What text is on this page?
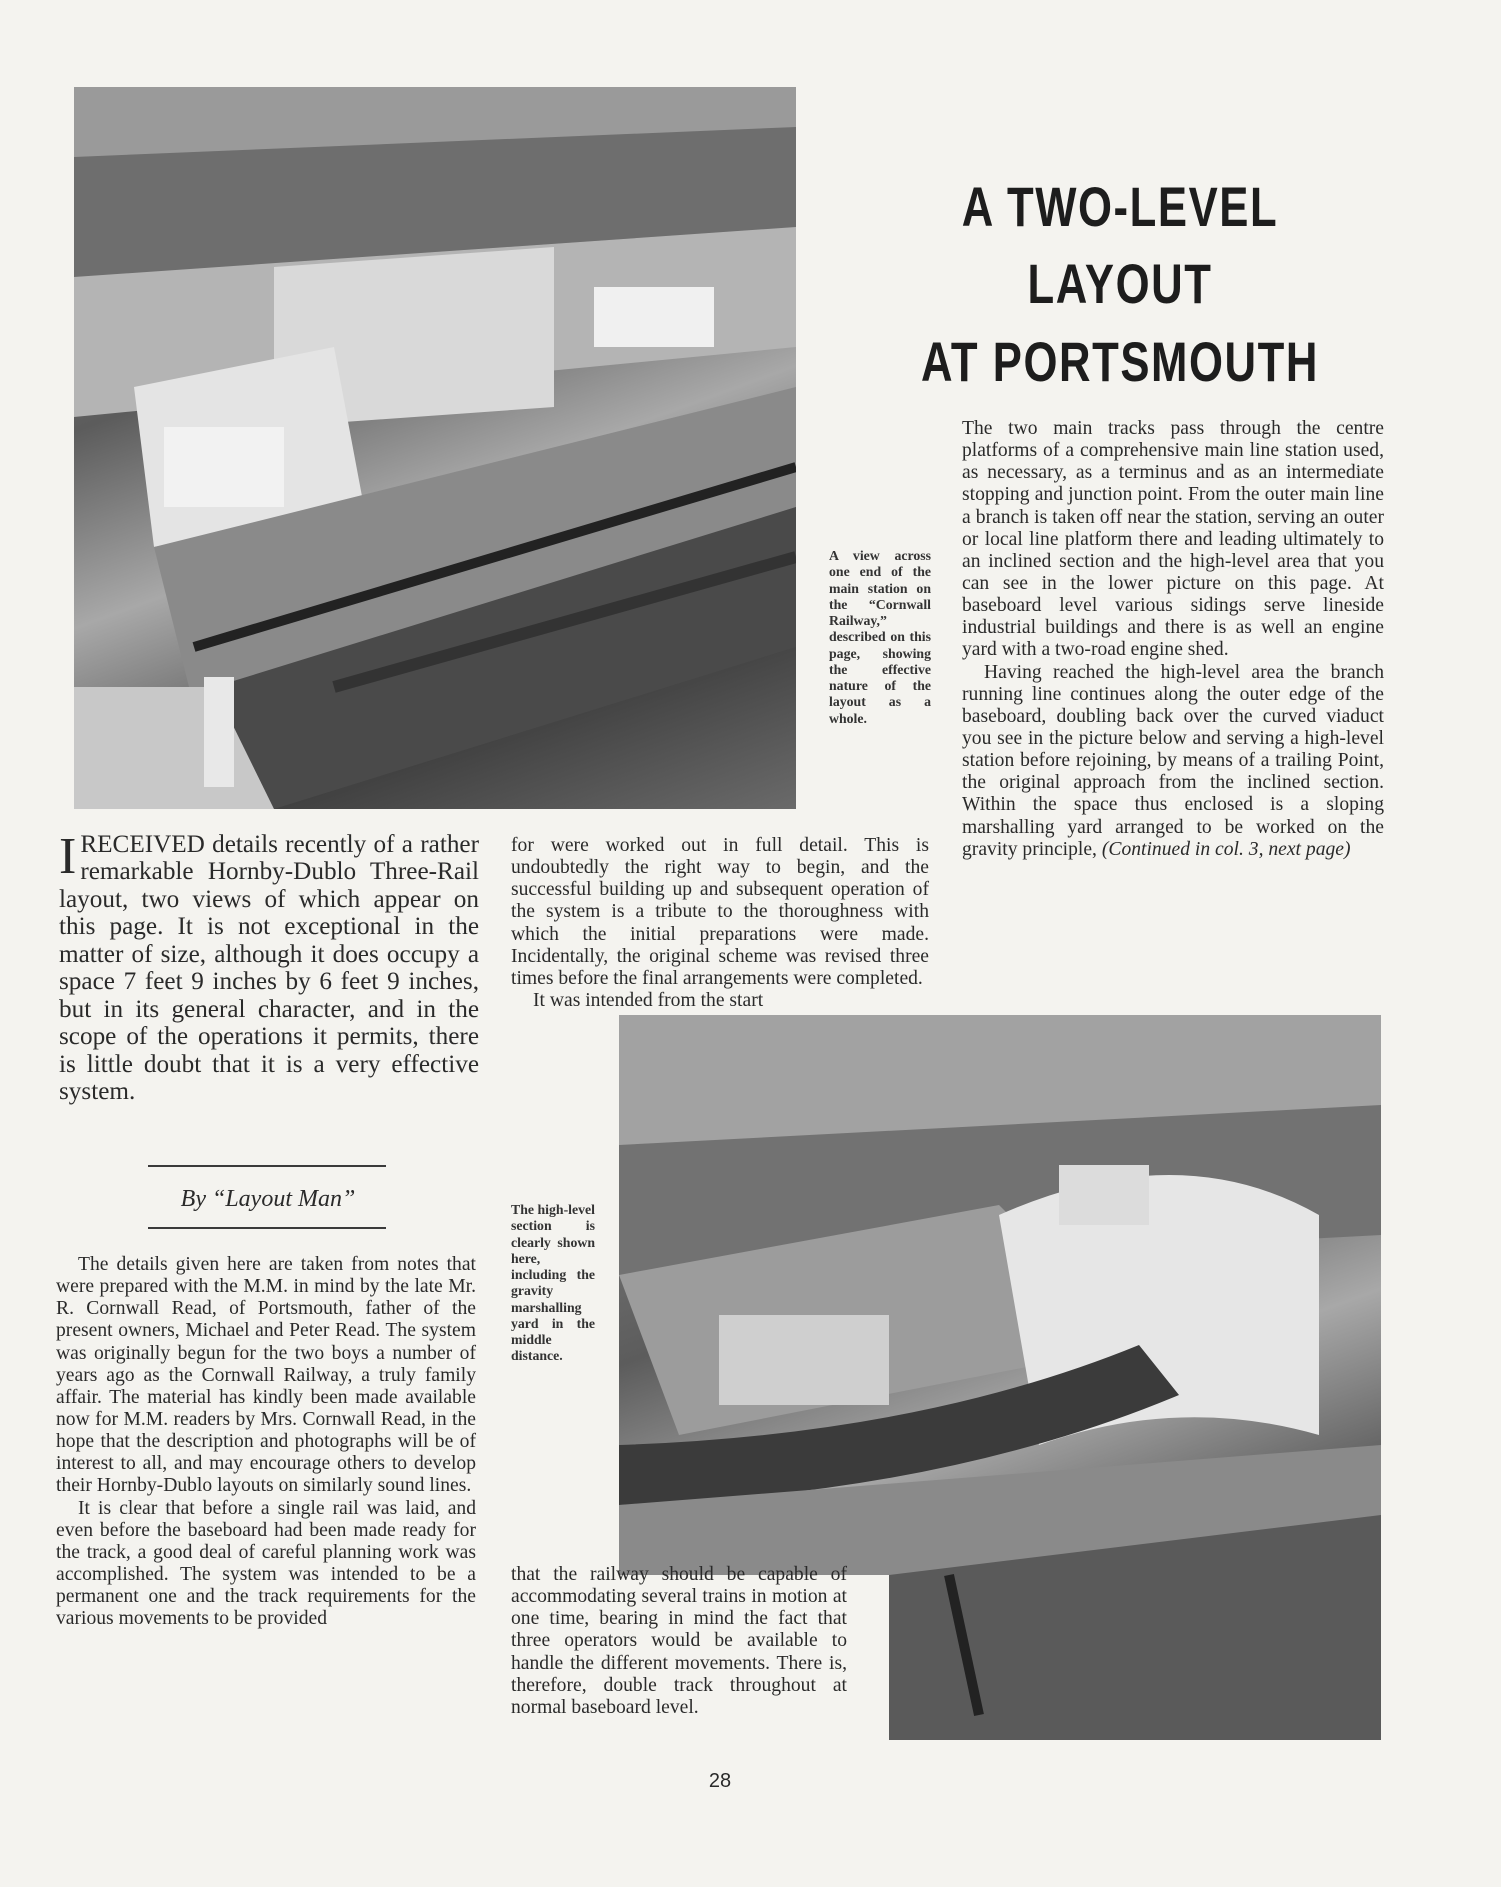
A TWO-LEVEL LAYOUT
AT PORTSMOUTH
A view across one end of the main station on the “Cornwall Railway,” described on this page, showing the effective nature of the layout as a whole.

The two main tracks pass through the centre platforms of a comprehensive main line station used, as necessary, as a terminus and as an intermediate stopping and junction point. From the outer main line a branch is taken off near the station, serving an outer or local line platform there and leading ultimately to an inclined section and the high-level area that you can see in the lower picture on this page. At baseboard level various sidings serve lineside industrial buildings and there is as well an engine yard with a two-road engine shed.

Having reached the high-level area the branch running line continues along the outer edge of the baseboard, doubling back over the curved viaduct you see in the picture below and serving a high-level station before rejoining, by means of a trailing Point, the original approach from the inclined section. Within the space thus enclosed is a sloping marshalling yard arranged to be worked on the gravity principle, (Continued in col. 3, next page)

IRECEIVED details recently of a rather remarkable Hornby-Dublo Three-Rail layout, two views of which appear on this page. It is not exceptional in the matter of size, although it does occupy a space 7 feet 9 inches by 6 feet 9 inches, but in its general character, and in the scope of the operations it permits, there is little doubt that it is a very effective system.
By “Layout Man”

The details given here are taken from notes that were prepared with the M.M. in mind by the late Mr. R. Cornwall Read, of Portsmouth, father of the present owners, Michael and Peter Read. The system was originally begun for the two boys a number of years ago as the Cornwall Railway, a truly family affair. The material has kindly been made available now for M.M. readers by Mrs. Cornwall Read, in the hope that the description and photographs will be of interest to all, and may encourage others to develop their Hornby-Dublo layouts on similarly sound lines.

It is clear that before a single rail was laid, and even before the baseboard had been made ready for the track, a good deal of careful planning work was accomplished. The system was intended to be a permanent one and the track requirements for the various movements to be provided

for were worked out in full detail. This is undoubtedly the right way to begin, and the successful building up and subsequent operation of the system is a tribute to the thoroughness with which the initial preparations were made. Incidentally, the original scheme was revised three times before the final arrangements were completed.

It was intended from the start

The high-level section is clearly shown here, including the gravity marshalling yard in the middle distance.

that the railway should be capable of accommodating several trains in motion at one time, bearing in mind the fact that three operators would be available to handle the different movements. There is, therefore, double track throughout at normal baseboard level.

28
